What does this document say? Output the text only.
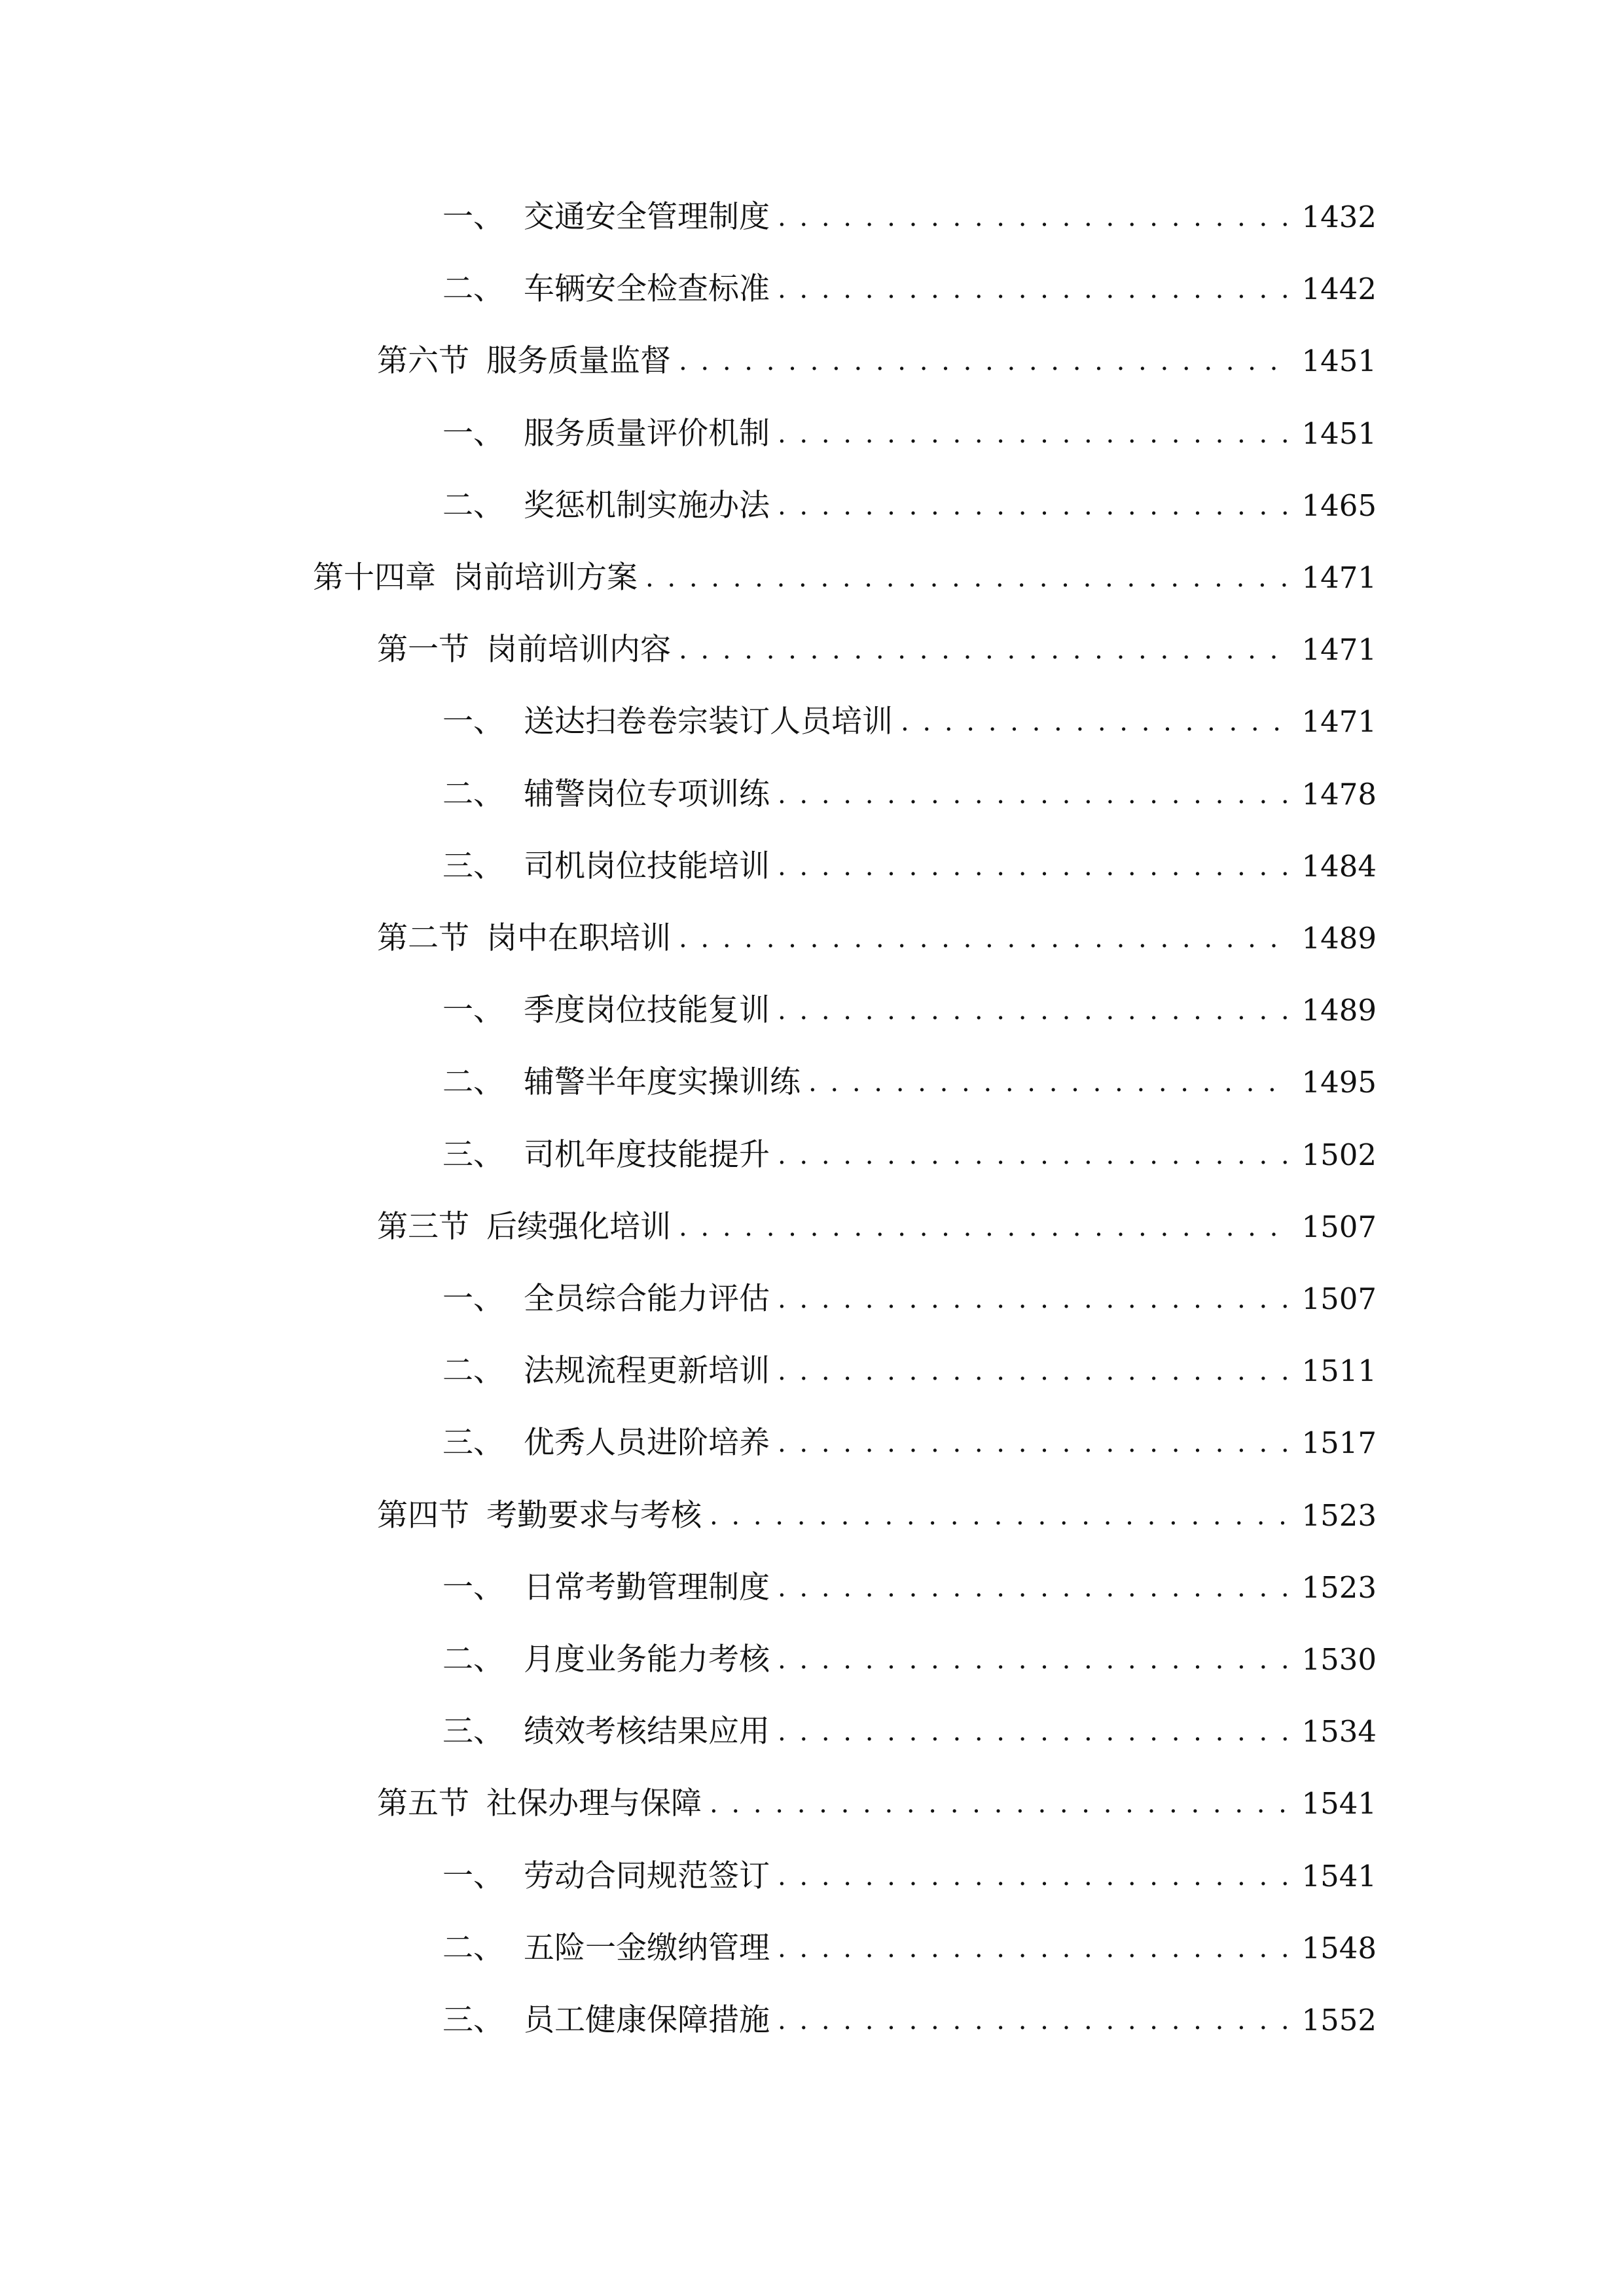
一、 交通安全管理制度 . . .	1432
二、 车辆安全检查标准 . . .	1442
第六节 服务质量监督 . . .	1451
一、 服务质量评价机制 . . .	1451
二、 奖惩机制实施办法 . . .	1465
第十四章 岗前培训方案 . . .	1471
第一节 岗前培训内容 . . .	1471
一、 送达扫卷卷宗装订人员培训 . . .	1471
二、 辅警岗位专项训练 . . .	1478
三、 司机岗位技能培训 . . .	1484
第二节 岗中在职培训 . . .	1489
一、 季度岗位技能复训 . . .	1489
二、 辅警半年度实操训练 . . .	1495
三、 司机年度技能提升 . . .	1502
第三节 后续强化培训 . . .	1507
一、 全员综合能力评估 . . .	1507
二、 法规流程更新培训 . . .	1511
三、 优秀人员进阶培养 . . .	1517
第四节 考勤要求与考核 . . .	1523
一、 日常考勤管理制度 . . .	1523
二、 月度业务能力考核 . . .	1530
三、 绩效考核结果应用 . . .	1534
第五节 社保办理与保障 . . .	1541
一、 劳动合同规范签订 . . .	1541
二、 五险一金缴纳管理 . . .	1548
三、 员工健康保障措施 . . .	1552
